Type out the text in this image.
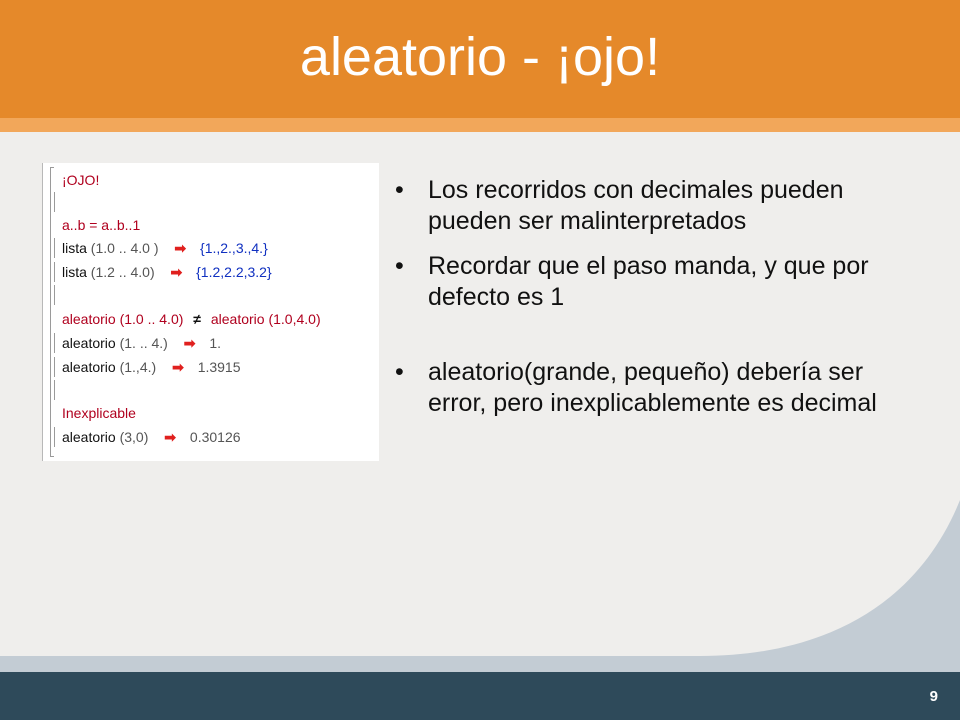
aleatorio - ¡ojo!
9
¡OJO!
a..b = a..b..1
lista (1.0 .. 4.0 ) ➡ {1.,2.,3.,4.}
lista (1.2 .. 4.0) ➡ {1.2,2.2,3.2}
aleatorio (1.0 .. 4.0) ≠ aleatorio (1.0,4.0)
aleatorio (1. .. 4.) ➡ 1.
aleatorio (1.,4.) ➡ 1.3915
Inexplicable
aleatorio (3,0) ➡ 0.30126
• Los recorridos con decimales pueden pueden ser malinterpretados
• Recordar que el paso manda, y que por defecto es 1
• aleatorio(grande, pequeño) debería ser error, pero inexplicablemente es decimal
